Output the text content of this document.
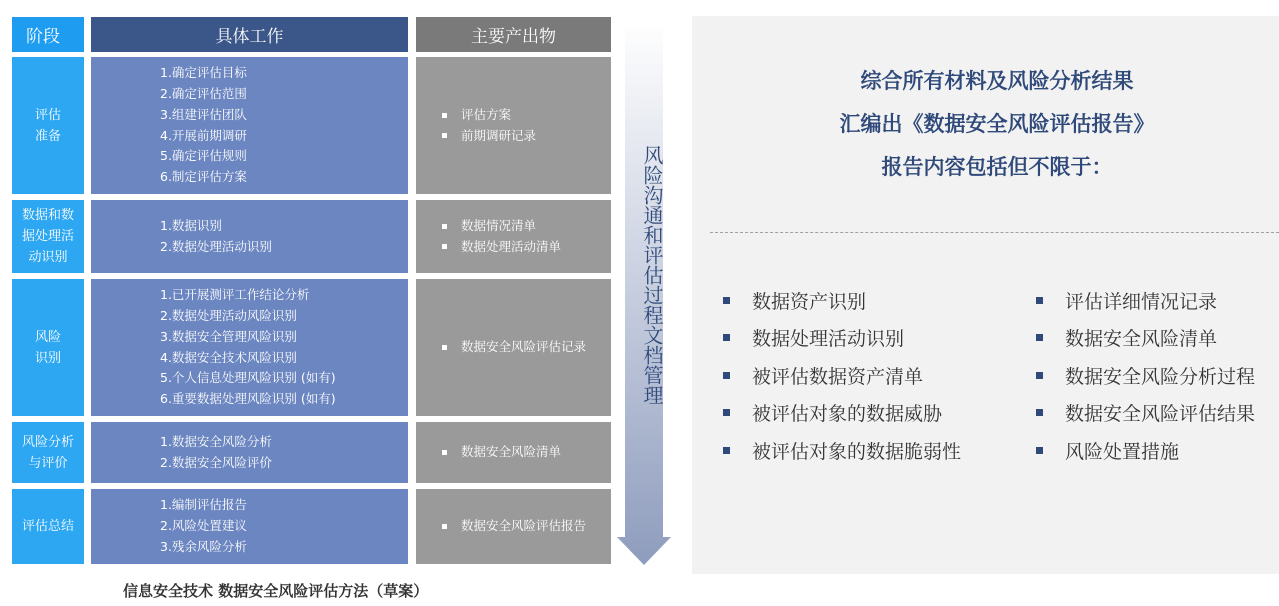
阶段	具体工作	主要产出物
评估
准备
1.确定评估目标
2.确定评估范围
3.组建评估团队
4.开展前期调研
5.确定评估规则
6.制定评估方案
评估方案
前期调研记录
数据和数
据处理活
动识别
1.数据识别
2.数据处理活动识别
数据情况清单
数据处理活动清单
风险
识别
1.已开展测评工作结论分析
2.数据处理活动风险识别
3.数据安全管理风险识别
4.数据安全技术风险识别
5.个人信息处理风险识别 (如有)
6.重要数据处理风险识别 (如有)
数据安全风险评估记录
风险分析
与评价
1.数据安全风险分析
2.数据安全风险评价
数据安全风险清单
评估总结
1.编制评估报告
2.风险处置建议
3.残余风险分析
数据安全风险评估报告
风险沟通和评估过程文档管理
信息安全技术 数据安全风险评估方法（草案）
综合所有材料及风险分析结果
汇编出《数据安全风险评估报告》
报告内容包括但不限于：
数据资产识别
数据处理活动识别
被评估数据资产清单
被评估对象的数据威胁
被评估对象的数据脆弱性
评估详细情况记录
数据安全风险清单
数据安全风险分析过程
数据安全风险评估结果
风险处置措施
